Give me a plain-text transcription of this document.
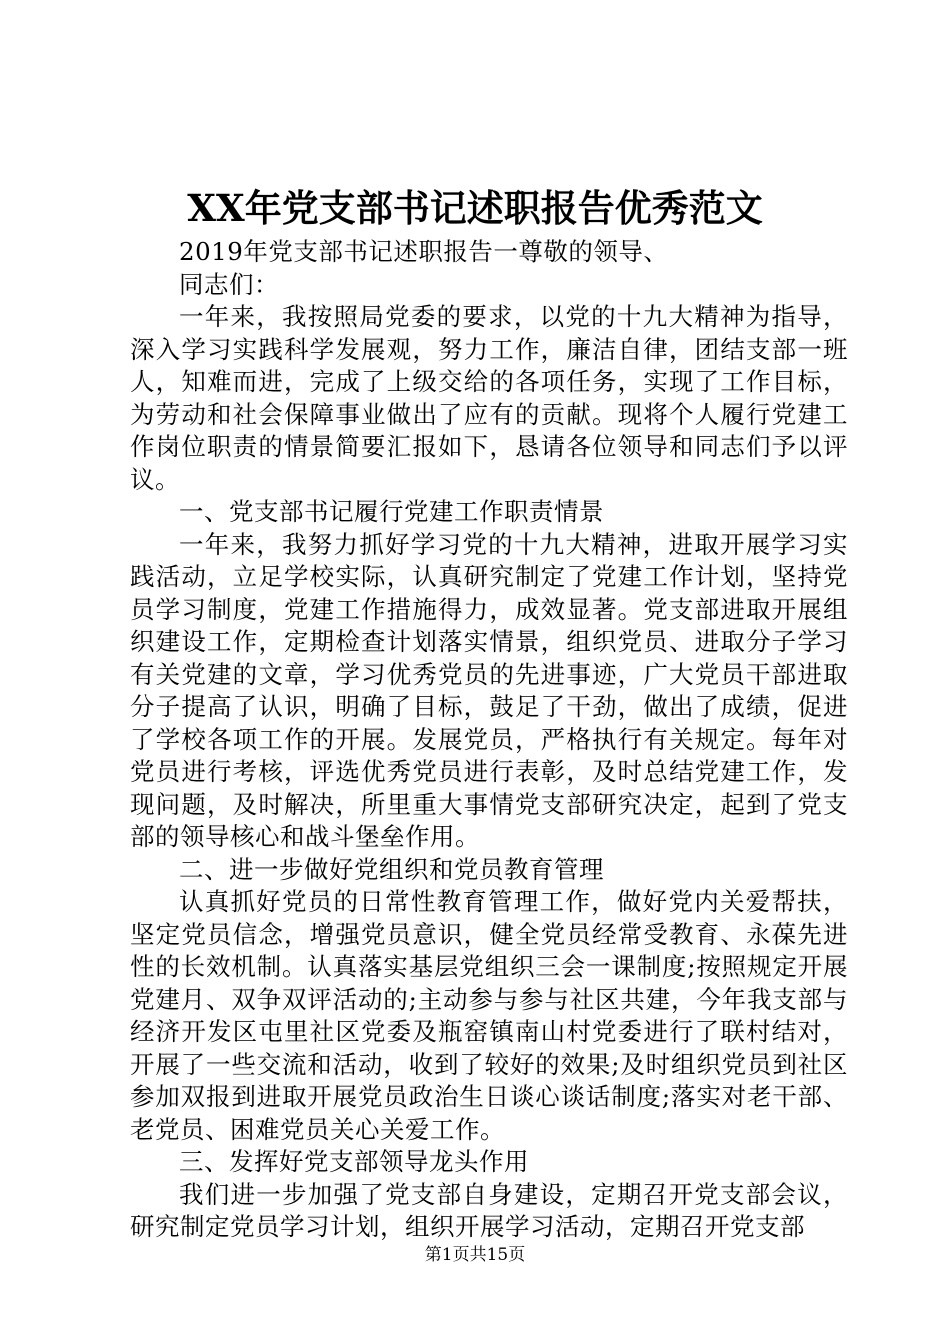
XX年党支部书记述职报告优秀范文

2019年党支部书记述职报告一尊敬的领导、

同志们：

一年来，我按照局党委的要求，以党的十九大精神为指导，深入学习实践科学发展观，努力工作，廉洁自律，团结支部一班人，知难而进，完成了上级交给的各项任务，实现了工作目标，为劳动和社会保障事业做出了应有的贡献。现将个人履行党建工作岗位职责的情景简要汇报如下，恳请各位领导和同志们予以评议。

一、党支部书记履行党建工作职责情景

一年来，我努力抓好学习党的十九大精神，进取开展学习实践活动，立足学校实际，认真研究制定了党建工作计划，坚持党员学习制度，党建工作措施得力，成效显著。党支部进取开展组织建设工作，定期检查计划落实情景，组织党员、进取分子学习有关党建的文章，学习优秀党员的先进事迹，广大党员干部进取分子提高了认识，明确了目标，鼓足了干劲，做出了成绩，促进了学校各项工作的开展。发展党员，严格执行有关规定。每年对党员进行考核，评选优秀党员进行表彰，及时总结党建工作，发现问题，及时解决，所里重大事情党支部研究决定，起到了党支部的领导核心和战斗堡垒作用。

二、进一步做好党组织和党员教育管理

认真抓好党员的日常性教育管理工作，做好党内关爱帮扶，坚定党员信念，增强党员意识，健全党员经常受教育、永葆先进性的长效机制。认真落实基层党组织三会一课制度;按照规定开展党建月、双争双评活动的;主动参与参与社区共建，今年我支部与经济开发区屯里社区党委及瓶窑镇南山村党委进行了联村结对，开展了一些交流和活动，收到了较好的效果;及时组织党员到社区参加双报到进取开展党员政治生日谈心谈话制度;落实对老干部、老党员、困难党员关心关爱工作。

三、发挥好党支部领导龙头作用

我们进一步加强了党支部自身建设，定期召开党支部会议，研究制定党员学习计划，组织开展学习活动，定期召开党支部

第1页共15页
